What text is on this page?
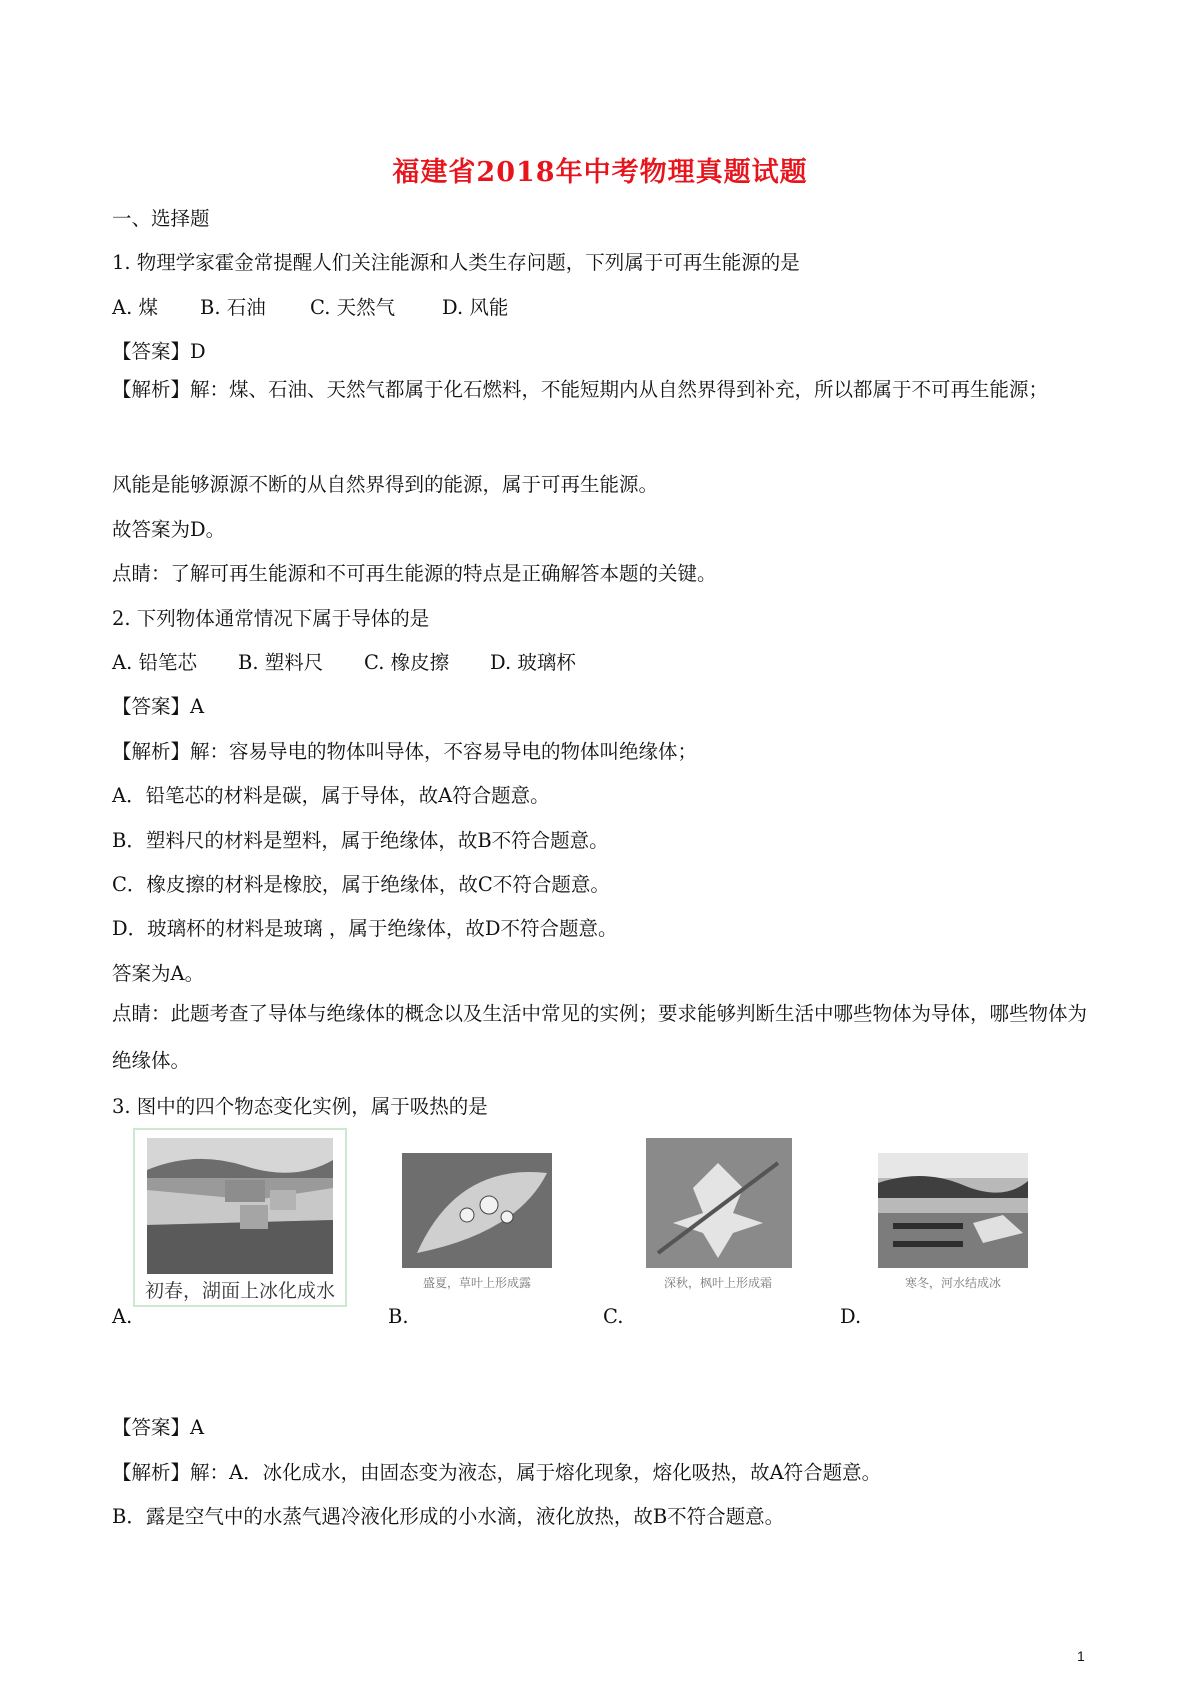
福建省2018年中考物理真题试题

一、选择题

1. 物理学家霍金常提醒人们关注能源和人类生存问题，下列属于可再生能源的是

A. 煤 B. 石油 C. 天然气 D. 风能

【答案】D

【解析】解：煤、石油、天然气都属于化石燃料，不能短期内从自然界得到补充，所以都属于不可再生能源；

风能是能够源源不断的从自然界得到的能源，属于可再生能源。

故答案为D。

点睛：了解可再生能源和不可再生能源的特点是正确解答本题的关键。

2. 下列物体通常情况下属于导体的是

A. 铅笔芯 B. 塑料尺 C. 橡皮擦 D. 玻璃杯

【答案】A

【解析】解：容易导电的物体叫导体，不容易导电的物体叫绝缘体；

A．铅笔芯的材料是碳，属于导体，故A符合题意。

B．塑料尺的材料是塑料，属于绝缘体，故B不符合题意。

C．橡皮擦的材料是橡胶，属于绝缘体，故C不符合题意。

D．玻璃杯的材料是玻璃 ，属于绝缘体，故D不符合题意。

答案为A。

点睛：此题考查了导体与绝缘体的概念以及生活中常见的实例；要求能够判断生活中哪些物体为导体，哪些物体为绝缘体。

3. 图中的四个物态变化实例，属于吸热的是

A.
初春，湖面上冰化成水
B.
盛夏，草叶上形成露
C.
深秋，枫叶上形成霜
D.
寒冬，河水结成冰

【答案】A

【解析】解：A．冰化成水，由固态变为液态，属于熔化现象，熔化吸热，故A符合题意。

B．露是空气中的水蒸气遇冷液化形成的小水滴，液化放热，故B不符合题意。

1
